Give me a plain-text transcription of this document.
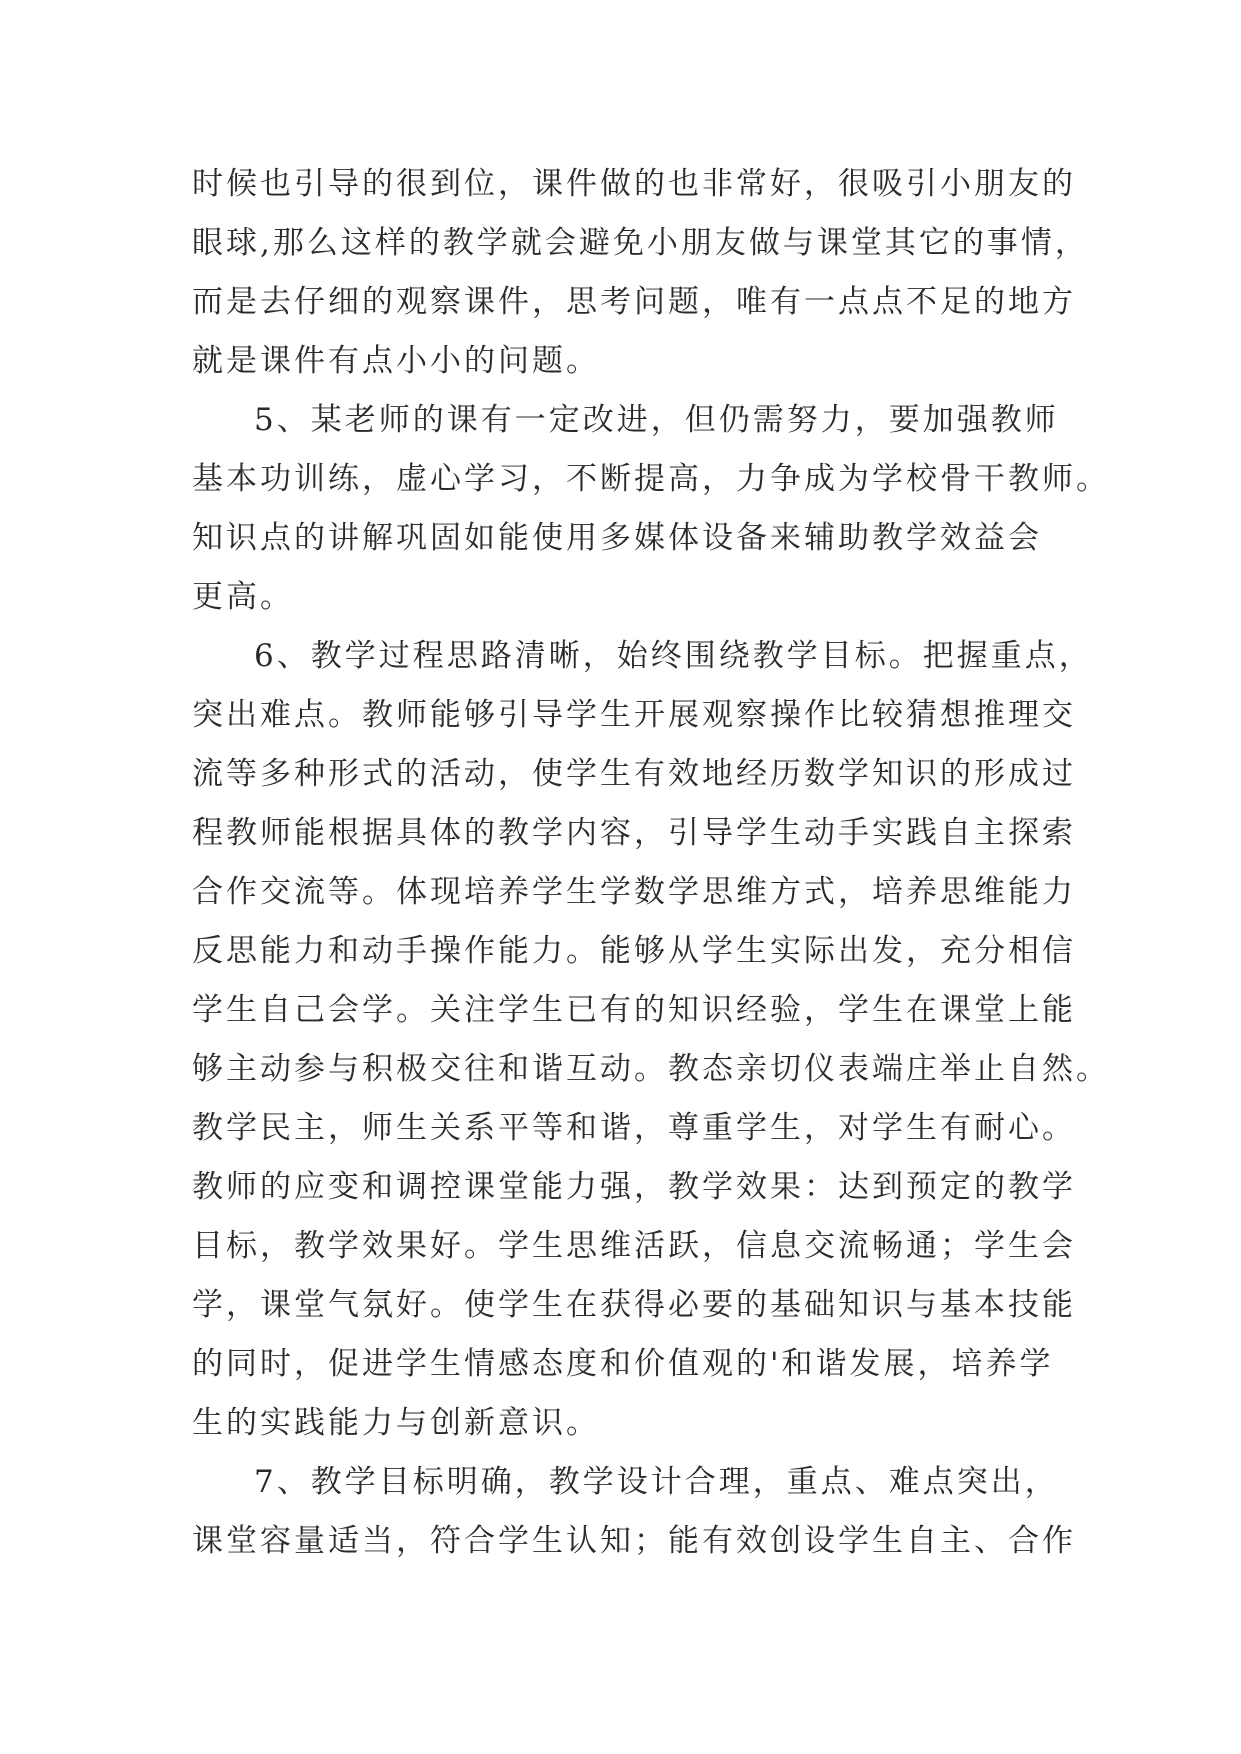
时候也引导的很到位，课件做的也非常好，很吸引小朋友的
眼球,那么这样的教学就会避免小朋友做与课堂其它的事情，
而是去仔细的观察课件，思考问题，唯有一点点不足的地方
就是课件有点小小的问题。
5、某老师的课有一定改进，但仍需努力，要加强教师
基本功训练，虚心学习，不断提高，力争成为学校骨干教师。
知识点的讲解巩固如能使用多媒体设备来辅助教学效益会
更高。
6、教学过程思路清晰，始终围绕教学目标。把握重点，
突出难点。教师能够引导学生开展观察操作比较猜想推理交
流等多种形式的活动，使学生有效地经历数学知识的形成过
程教师能根据具体的教学内容，引导学生动手实践自主探索
合作交流等。体现培养学生学数学思维方式，培养思维能力
反思能力和动手操作能力。能够从学生实际出发，充分相信
学生自己会学。关注学生已有的知识经验，学生在课堂上能
够主动参与积极交往和谐互动。教态亲切仪表端庄举止自然。
教学民主，师生关系平等和谐，尊重学生，对学生有耐心。
教师的应变和调控课堂能力强，教学效果：达到预定的教学
目标，教学效果好。学生思维活跃，信息交流畅通；学生会
学，课堂气氛好。使学生在获得必要的基础知识与基本技能
的同时，促进学生情感态度和价值观的'和谐发展，培养学
生的实践能力与创新意识。
7、教学目标明确，教学设计合理，重点、难点突出，
课堂容量适当，符合学生认知；能有效创设学生自主、合作
